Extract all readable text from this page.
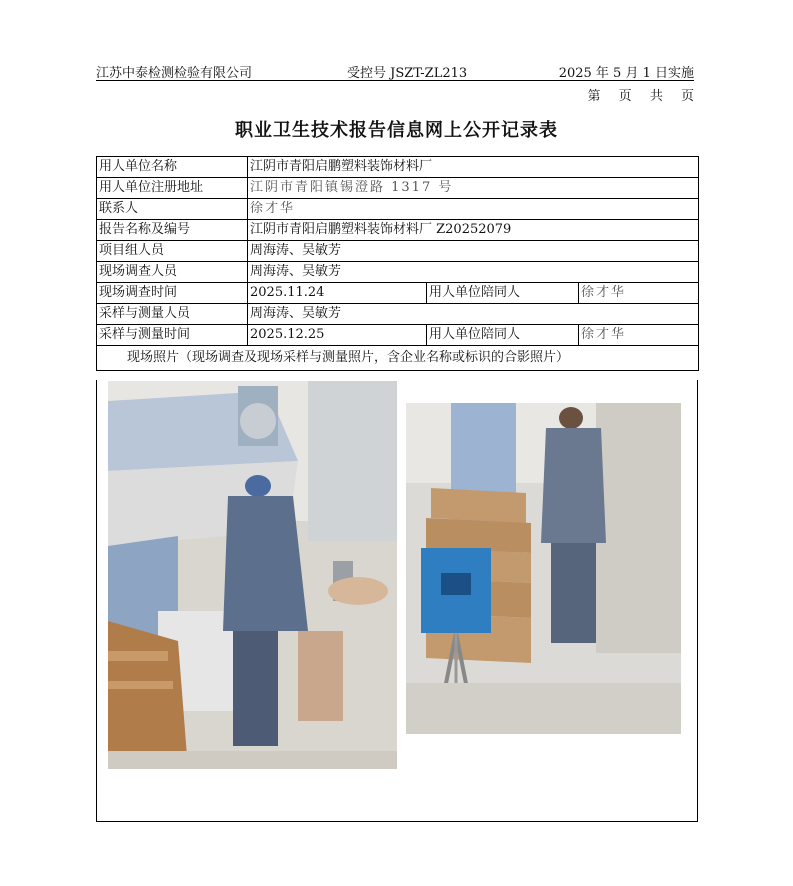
江苏中泰检测检验有限公司	受控号 JSZT-ZL213	2025 年 5 月 1 日实施
第 页 共 页
职业卫生技术报告信息网上公开记录表
用人单位名称	江阴市青阳启鹏塑料装饰材料厂		
用人单位注册地址	江阴市青阳镇锡澄路 1317 号		
联系人	徐才华		
报告名称及编号	江阴市青阳启鹏塑料装饰材料厂 Z20252079		
项目组人员	周海涛、吴敏芳		
现场调查人员	周海涛、吴敏芳		
现场调查时间	2025.11.24	用人单位陪同人	徐才华
采样与测量人员	周海涛、吴敏芳		
采样与测量时间	2025.12.25	用人单位陪同人	徐才华
现场照片（现场调查及现场采样与测量照片，含企业名称或标识的合影照片）			
